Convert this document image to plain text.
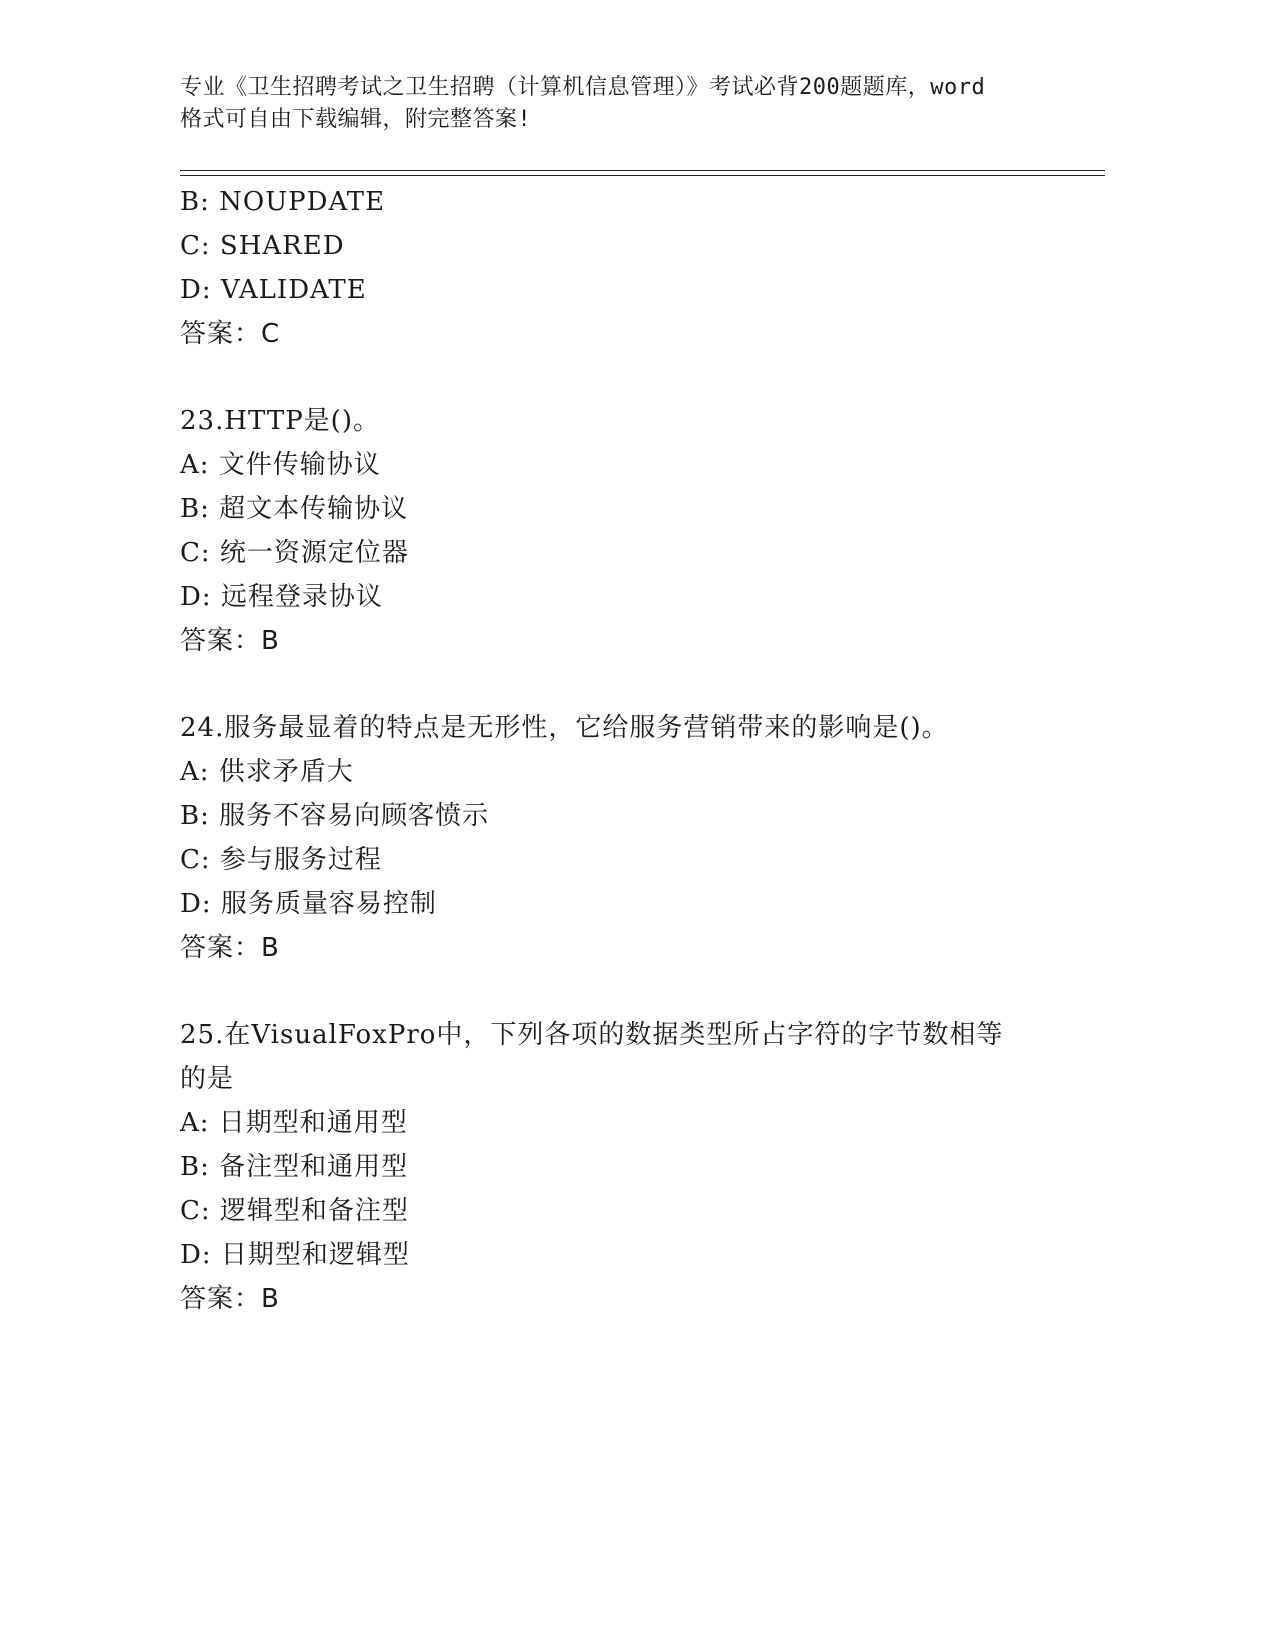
专业《卫生招聘考试之卫生招聘（计算机信息管理）》考试必背200题题库，word
格式可自由下载编辑，附完整答案!
B: NOUPDATE
C: SHARED
D: VALIDATE
答案：C
23.HTTP是()。
A: 文件传输协议
B: 超文本传输协议
C: 统一资源定位器
D: 远程登录协议
答案：B
24.服务最显着的特点是无形性，它给服务营销带来的影响是()。
A: 供求矛盾大
B: 服务不容易向顾客愤示
C: 参与服务过程
D: 服务质量容易控制
答案：B
25.在VisualFoxPro中，下列各项的数据类型所占字符的字节数相等
的是
A: 日期型和通用型
B: 备注型和通用型
C: 逻辑型和备注型
D: 日期型和逻辑型
答案：B
